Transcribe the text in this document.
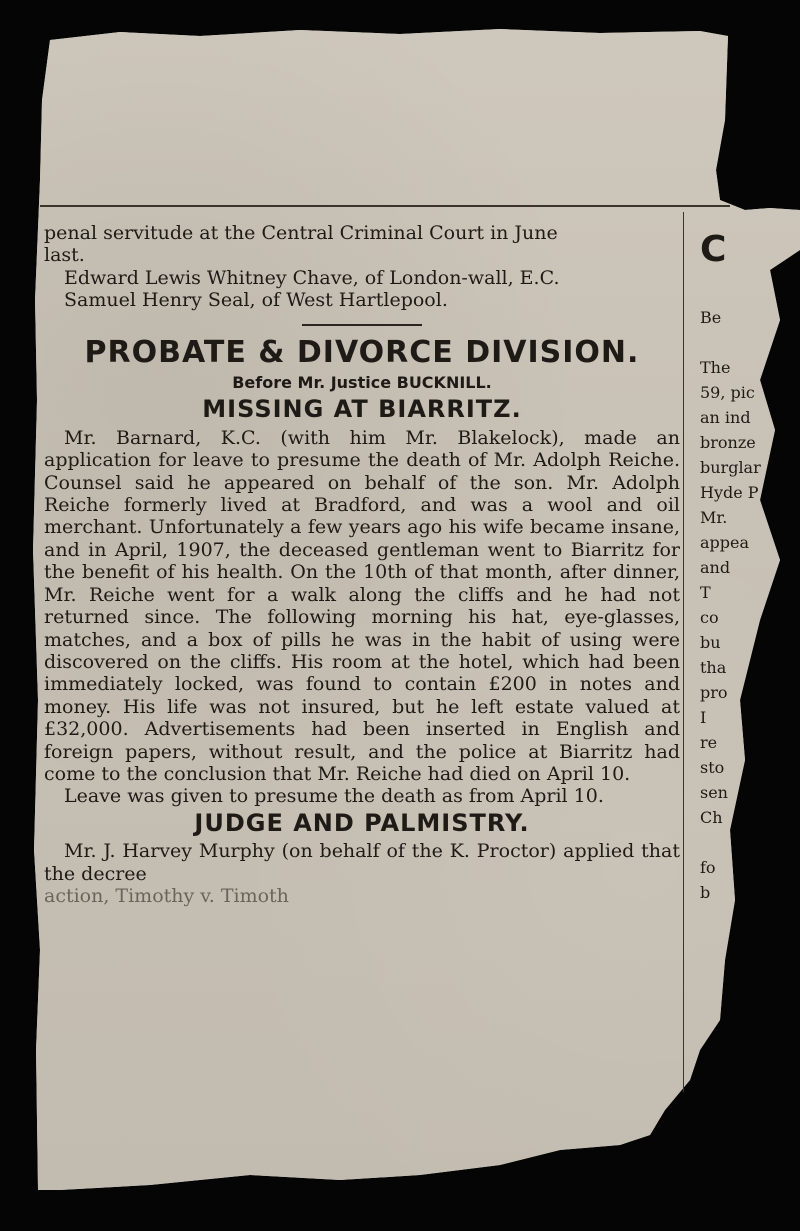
penal servitude at the Central Criminal Court in June

last.

Edward Lewis Whitney Chave, of London-wall, E.C.

Samuel Henry Seal, of West Hartlepool.

PROBATE & DIVORCE DIVISION.
Before Mr. Justice BUCKNILL.
MISSING AT BIARRITZ.

Mr. Barnard, K.C. (with him Mr. Blakelock), made an application for leave to presume the death of Mr. Adolph Reiche. Counsel said he appeared on behalf of the son. Mr. Adolph Reiche formerly lived at Bradford, and was a wool and oil merchant. Unfortunately a few years ago his wife became insane, and in April, 1907, the deceased gentleman went to Biarritz for the benefit of his health. On the 10th of that month, after dinner, Mr. Reiche went for a walk along the cliffs and he had not returned since. The following morning his hat, eye-glasses, matches, and a box of pills he was in the habit of using were discovered on the cliffs. His room at the hotel, which had been immediately locked, was found to contain £200 in notes and money. His life was not insured, but he left estate valued at £32,000. Advertisements had been inserted in English and foreign papers, without result, and the police at Biarritz had come to the conclusion that Mr. Reiche had died on April 10.

Leave was given to presume the death as from April 10.

JUDGE AND PALMISTRY.

Mr. J. Harvey Murphy (on behalf of the K. Proctor) applied that the decree

action, Timothy v. Timoth

C

Be

The
59, pic
an ind
bronze
burglar
Hyde P
Mr.
appea
and
T
co
bu
tha
pro
I
re
sto
sen
Ch

fo
b
